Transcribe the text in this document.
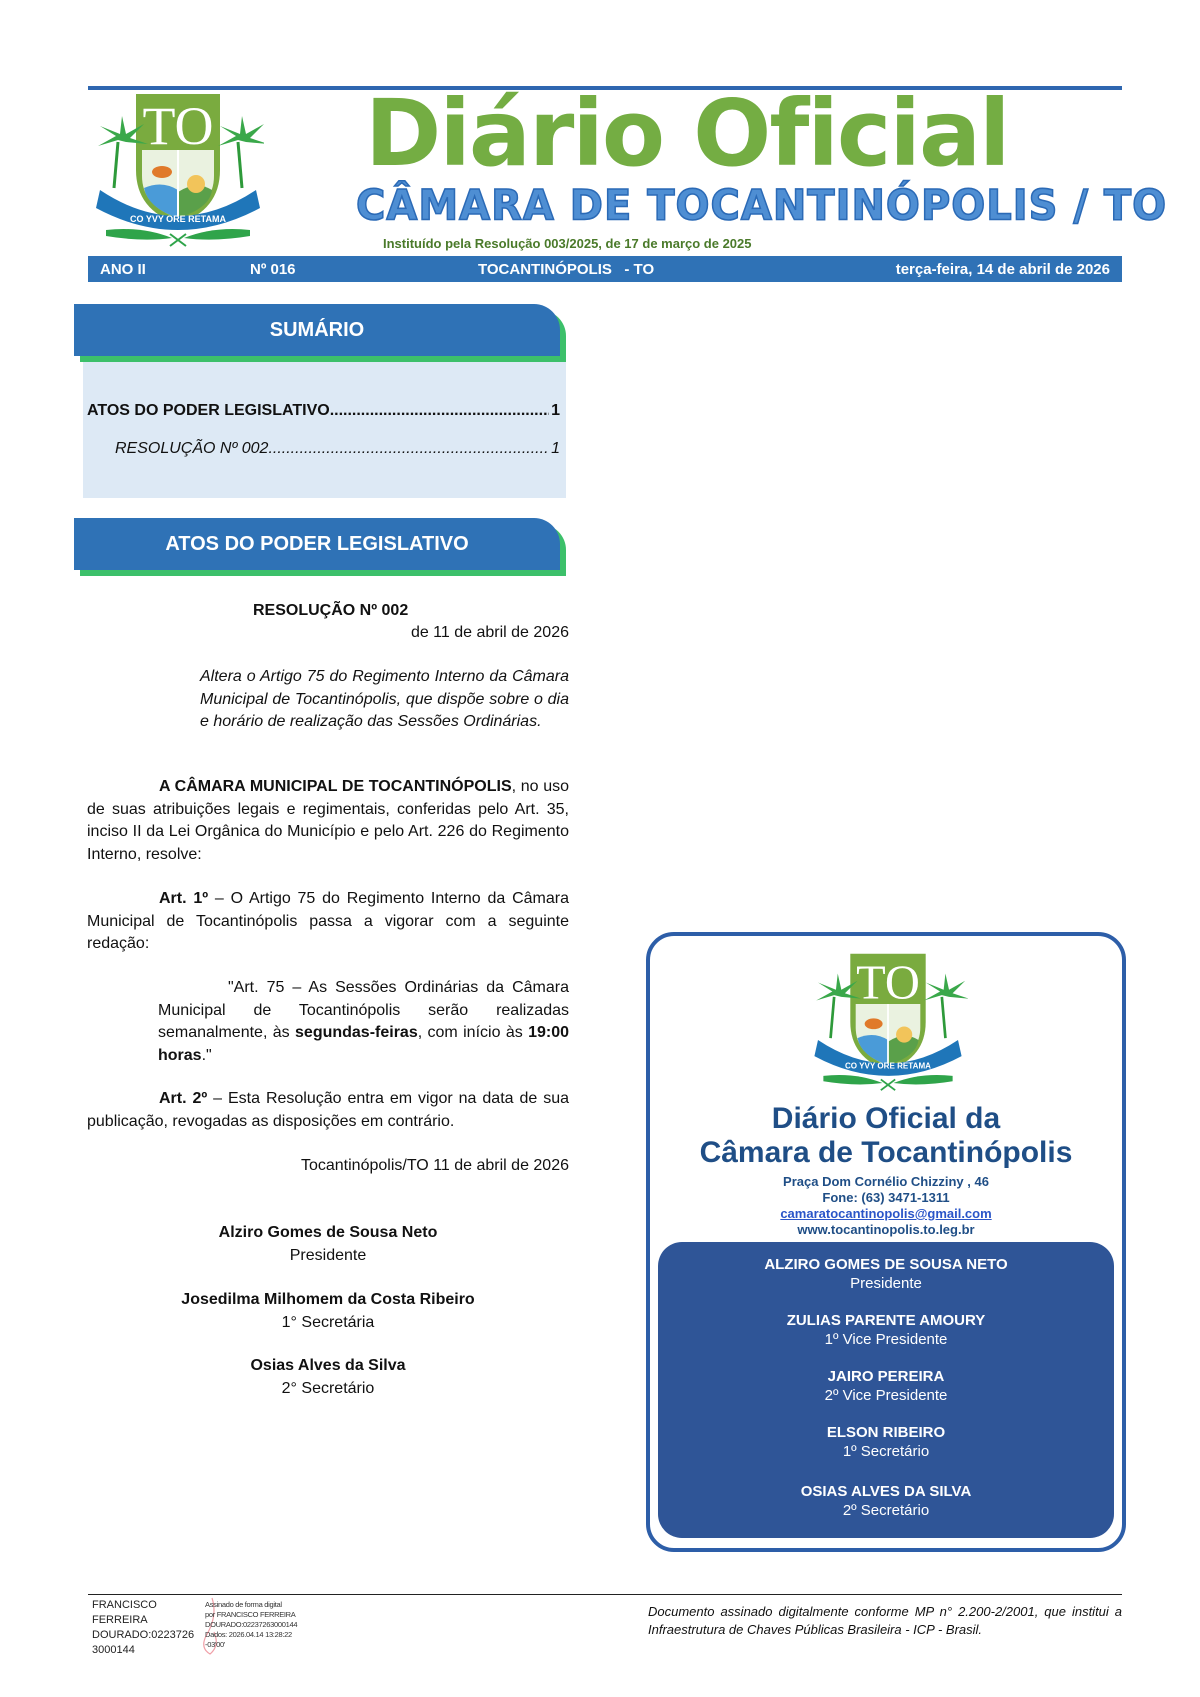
TO
CO YVY ORE RETAMA
Diário Oficial
CÂMARA DE TOCANTINÓPOLIS / TO
Instituído pela Resolução 003/2025, de 17 de março de 2025
ANO II	Nº 016	TOCANTINÓPOLIS   - TO	terça-feira, 14 de abril de 2026
SUMÁRIO
ATOS DO PODER LEGISLATIVO .....	1
RESOLUÇÃO Nº 002 .....	1
ATOS DO PODER LEGISLATIVO
RESOLUÇÃO Nº 002
de 11 de abril de 2026
Altera o Artigo 75 do Regimento Interno da Câmara Municipal de Tocantinópolis, que dispõe sobre o dia e horário de realização das Sessões Ordinárias.
A CÂMARA MUNICIPAL DE TOCANTINÓPOLIS, no uso de suas atribuições legais e regimentais, conferidas pelo Art. 35, inciso II da Lei Orgânica do Município e pelo Art. 226 do Regimento Interno, resolve:
Art. 1º – O Artigo 75 do Regimento Interno da Câmara Municipal de Tocantinópolis passa a vigorar com a seguinte redação:
"Art. 75 – As Sessões Ordinárias da Câmara Municipal de Tocantinópolis serão realizadas semanalmente, às segundas-feiras, com início às 19:00 horas."
Art. 2º – Esta Resolução entra em vigor na data de sua publicação, revogadas as disposições em contrário.
Tocantinópolis/TO 11 de abril de 2026
Alziro Gomes de Sousa Neto
Presidente
Josedilma Milhomem da Costa Ribeiro
1° Secretária
Osias Alves da Silva
2° Secretário
TO
CO YVY ORE RETAMA
Diário Oficial da
Câmara de Tocantinópolis
Praça Dom Cornélio Chizziny , 46
Fone: (63) 3471-1311
camaratocantinopolis@gmail.com
www.tocantinopolis.to.leg.br
ALZIRO GOMES DE SOUSA NETO
Presidente
ZULIAS PARENTE AMOURY
1º Vice Presidente
JAIRO PEREIRA
2º Vice Presidente
ELSON RIBEIRO
1º Secretário
OSIAS ALVES DA SILVA
2º Secretário
FRANCISCO
FERREIRA
DOURADO:0223726
3000144
Assinado de forma digital
por FRANCISCO FERREIRA
DOURADO:02237263000144
Dados: 2026.04.14 13:28:22
-03'00'
Documento assinado digitalmente conforme MP n° 2.200-2/2001, que institui a Infraestrutura de Chaves Públicas Brasileira - ICP - Brasil.
